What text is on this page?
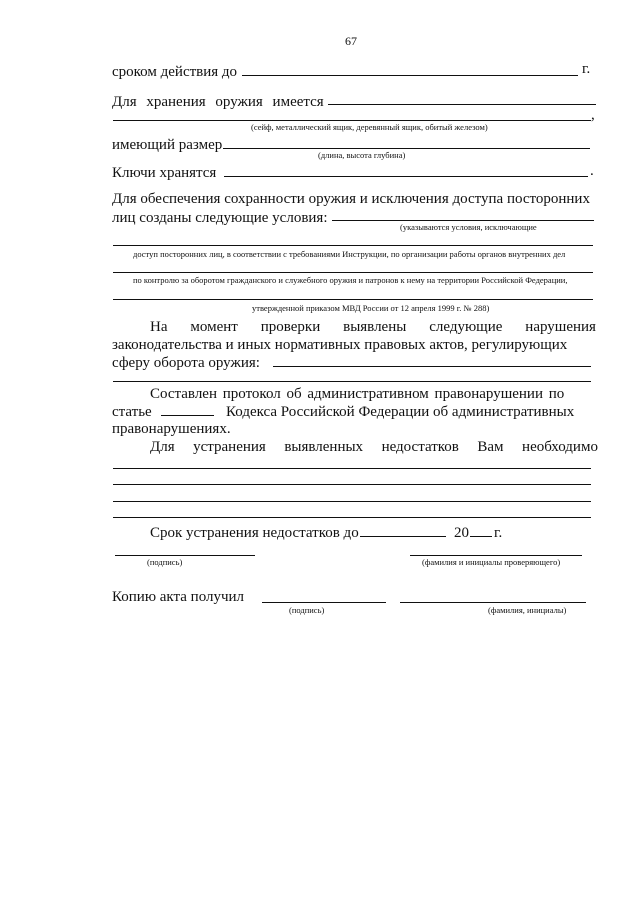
67
сроком действия до	г.
Для хранения оружия имеется
,
(сейф, металлический ящик, деревянный ящик, обитый железом)
имеющий размер
(длина, высота глубина)
Ключи хранятся	.
Для обеспечения сохранности оружия и исключения доступа посторонних
лиц созданы следующие условия:
(указываются условия, исключающие
доступ посторонних лиц, в соответствии с требованиями Инструкции, по организации работы органов внутренних дел
по контролю за оборотом гражданского и служебного оружия и патронов к нему на территории Российской Федерации,
утвержденной приказом МВД России от 12 апреля 1999 г. № 288)
На момент проверки выявлены следующие нарушения
законодательства и иных нормативных правовых актов, регулирующих
сферу оборота оружия:
Составлен протокол об административном правонарушении по
статье	Кодекса Российской Федерации об административных
правонарушениях.
Для устранения выявленных недостатков Вам необходимо
Срок устранения недостатков до	20 г.
(подпись)	(фамилия и инициалы проверяющего)
Копию акта получил
(подпись)	(фамилия, инициалы)
